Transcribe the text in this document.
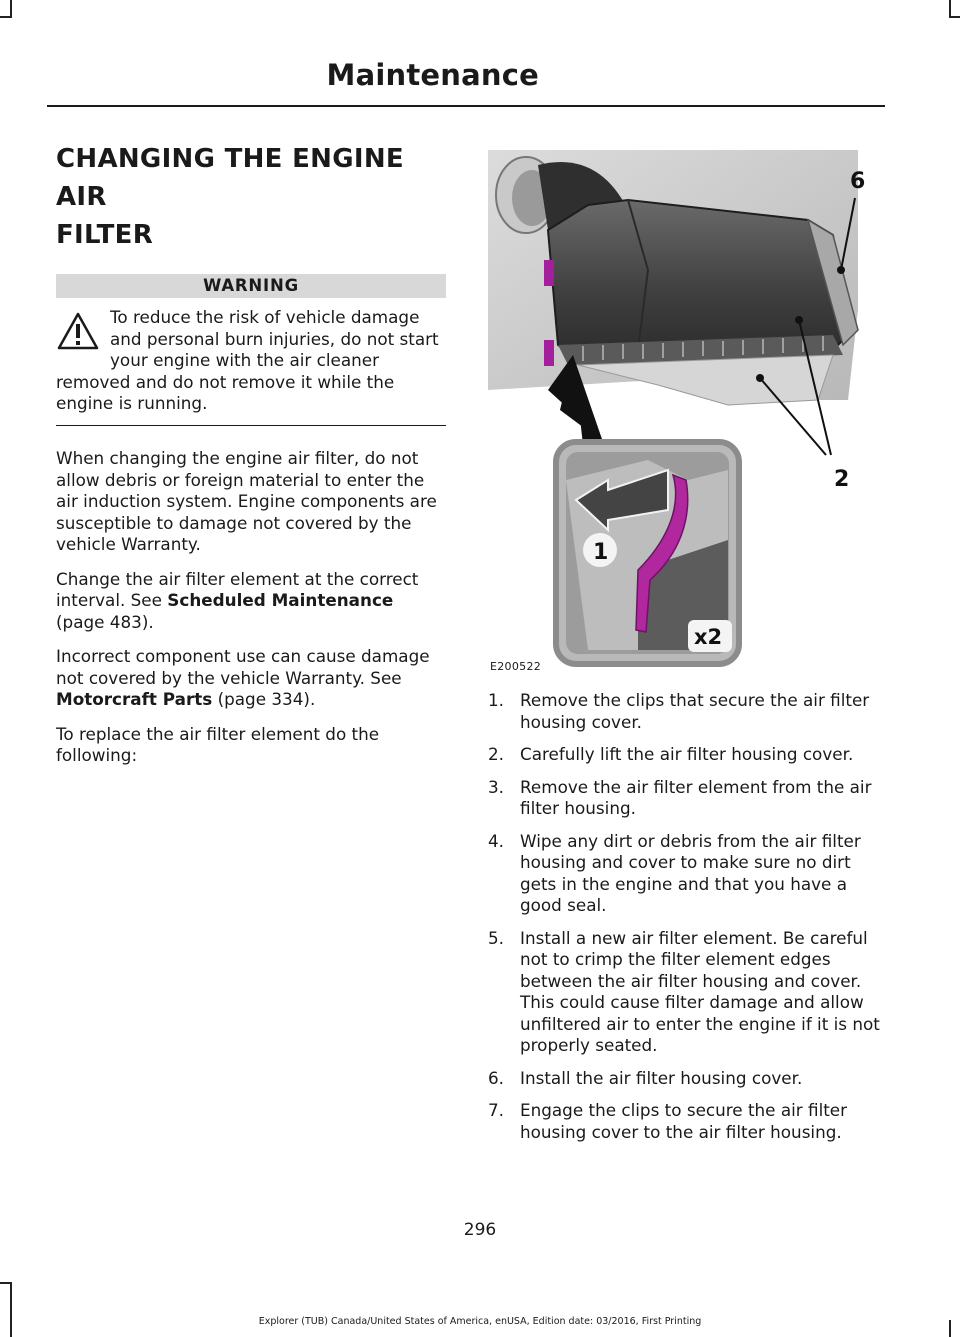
Maintenance
CHANGING THE ENGINE AIR
FILTER
WARNING
To reduce the risk of vehicle damage and personal burn injuries, do not start your engine with the air cleaner removed and do not remove it while the engine is running.

When changing the engine air filter, do not allow debris or foreign material to enter the air induction system. Engine components are susceptible to damage not covered by the vehicle Warranty.

Change the air filter element at the correct interval. See Scheduled Maintenance (page 483).

Incorrect component use can cause damage not covered by the vehicle Warranty. See Motorcraft Parts (page 334).

To replace the air filter element do the following:

6
2
1
x2
E200522
1. Remove the clips that secure the air filter housing cover.
2. Carefully lift the air filter housing cover.
3. Remove the air filter element from the air filter housing.
4. Wipe any dirt or debris from the air filter housing and cover to make sure no dirt gets in the engine and that you have a good seal.
5. Install a new air filter element. Be careful not to crimp the filter element edges between the air filter housing and cover. This could cause filter damage and allow unfiltered air to enter the engine if it is not properly seated.
6. Install the air filter housing cover.
7. Engage the clips to secure the air filter housing cover to the air filter housing.
296
Explorer (TUB) Canada/United States of America, enUSA, Edition date: 03/2016, First Printing
